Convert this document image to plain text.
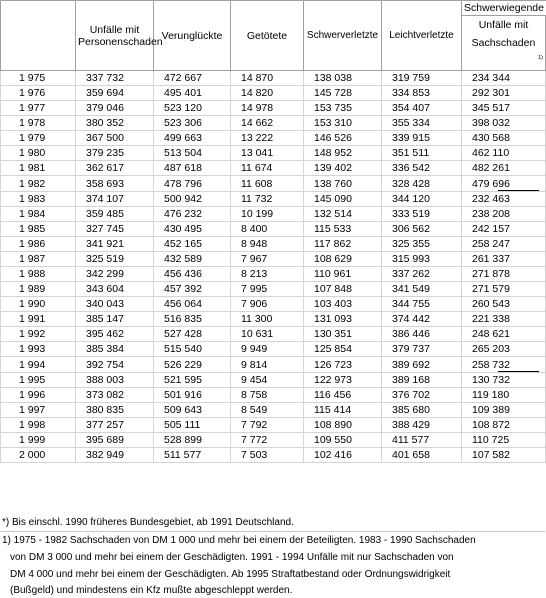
	Unfälle mit Personenschaden	Verunglückte	Getötete	Schwerverletzte	Leichtverletzte	Schwerwiegende

						Unfälle mit Sachschaden

						$^{1)}$
1 975	337 732	472 667	14 870	138 038	319 759	234 344
1 976	359 694	495 401	14 820	145 728	334 853	292 301
1 977	379 046	523 120	14 978	153 735	354 407	345 517
1 978	380 352	523 306	14 662	153 310	355 334	398 032
1 979	367 500	499 663	13 222	146 526	339 915	430 568
1 980	379 235	513 504	13 041	148 952	351 511	462 110
1 981	362 617	487 618	11 674	139 402	336 542	482 261
1 982	358 693	478 796	11 608	138 760	328 428	479 696

1 983	374 107	500 942	11 732	145 090	344 120	232 463
1 984	359 485	476 232	10 199	132 514	333 519	238 208
1 985	327 745	430 495	8 400	115 533	306 562	242 157
1 986	341 921	452 165	8 948	117 862	325 355	258 247
1 987	325 519	432 589	7 967	108 629	315 993	261 337
1 988	342 299	456 436	8 213	110 961	337 262	271 878
1 989	343 604	457 392	7 995	107 848	341 549	271 579
1 990	340 043	456 064	7 906	103 403	344 755	260 543
1 991	385 147	516 835	11 300	131 093	374 442	221 338
1 992	395 462	527 428	10 631	130 351	386 446	248 621
1 993	385 384	515 540	9 949	125 854	379 737	265 203
1 994	392 754	526 229	9 814	126 723	389 692	258 732

1 995	388 003	521 595	9 454	122 973	389 168	130 732
1 996	373 082	501 916	8 758	116 456	376 702	119 180
1 997	380 835	509 643	8 549	115 414	385 680	109 389
1 998	377 257	505 111	7 792	108 890	388 429	108 872
1 999	395 689	528 899	7 772	109 550	411 577	110 725
2 000	382 949	511 577	7 503	102 416	401 658	107 582
*) Bis einschl. 1990 früheres Bundesgebiet, ab 1991 Deutschland.
1) 1975 - 1982 Sachschaden von DM 1 000 und mehr bei einem der Beteiligten. 1983 - 1990 Sachschaden
von DM 3 000 und mehr bei einem der Geschädigten. 1991 - 1994 Unfälle mit nur Sachschaden von
DM 4 000 und mehr bei einem der Geschädigten. Ab 1995 Straftatbestand oder Ordnungswidrigkeit
(Bußgeld) und mindestens ein Kfz mußte abgeschleppt werden.
